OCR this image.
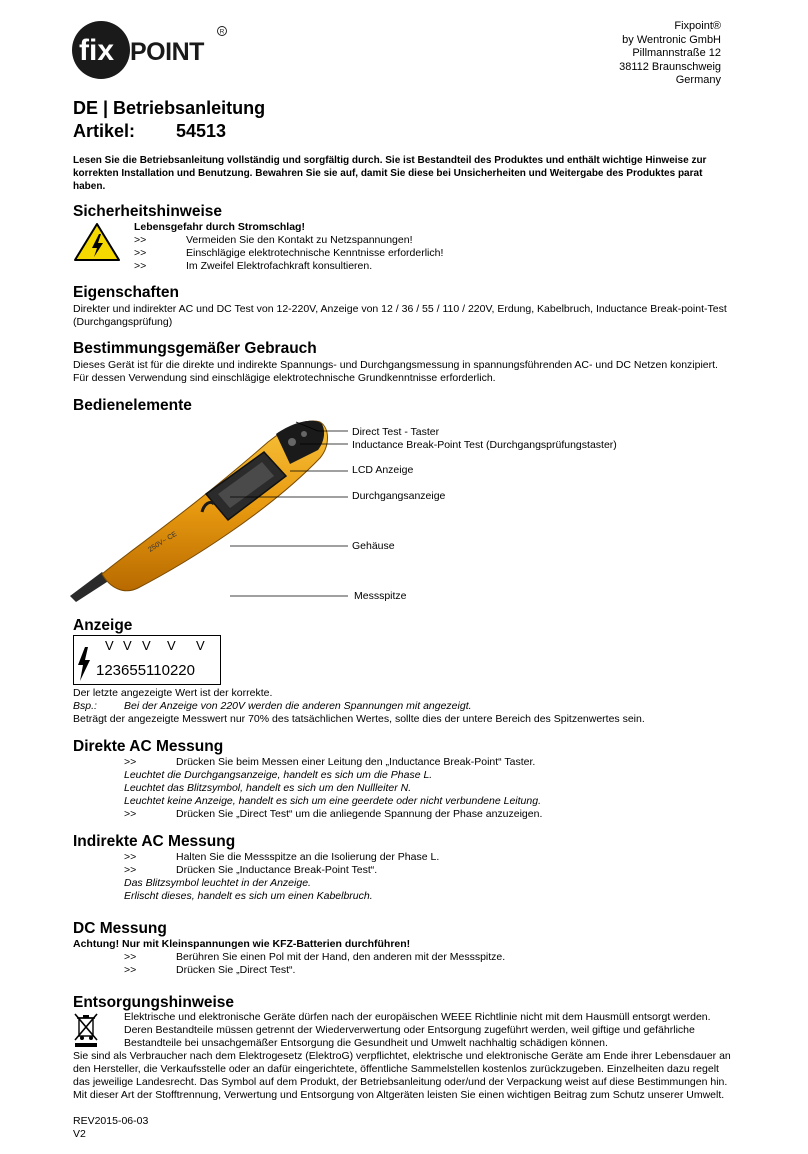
fix POINT
R
Fixpoint®
by Wentronic GmbH
Pillmannstraße 12
38112 Braunschweig
Germany
DE | Betriebsanleitung
Artikel: 54513
Lesen Sie die Betriebsanleitung vollständig und sorgfältig durch. Sie ist Bestandteil des Produktes und enthält wichtige Hinweise zur korrekten Installation und Benutzung. Bewahren Sie sie auf, damit Sie diese bei Unsicherheiten und Weitergabe des Produktes parat haben.
Sicherheitshinweise
Lebensgefahr durch Stromschlag!
>>	Vermeiden Sie den Kontakt zu Netzspannungen!
>>	Einschlägige elektrotechnische Kenntnisse erforderlich!
>>	Im Zweifel Elektrofachkraft konsultieren.
Eigenschaften
Direkter und indirekter AC und DC Test von 12-220V, Anzeige von 12 / 36 / 55 / 110 / 220V, Erdung, Kabelbruch, Inductance Break-point-Test (Durchgangsprüfung)
Bestimmungsgemäßer Gebrauch
Dieses Gerät ist für die direkte und indirekte Spannungs- und Durchgangsmessung in spannungsführenden AC- und DC Netzen konzipiert. Für dessen Verwendung sind einschlägige elektrotechnische Grundkenntnisse erforderlich.
Bedienelemente
250V~ CE
Direct Test - Taster
Inductance Break-Point Test (Durchgangsprüfungstaster)
LCD Anzeige
Durchgangsanzeige
Gehäuse
Messspitze
Anzeige
V V V V V
123655110220
Der letzte angezeigte Wert ist der korrekte.
Bsp.:	Bei der Anzeige von 220V werden die anderen Spannungen mit angezeigt.
Beträgt der angezeigte Messwert nur 70% des tatsächlichen Wertes, sollte dies der untere Bereich des Spitzenwertes sein.
Direkte AC Messung
>>	Drücken Sie beim Messen einer Leitung den „Inductance Break-Point“ Taster.
Leuchtet die Durchgangsanzeige, handelt es sich um die Phase L.
Leuchtet das Blitzsymbol, handelt es sich um den Nullleiter N.
Leuchtet keine Anzeige, handelt es sich um eine geerdete oder nicht verbundene Leitung.
>>	Drücken Sie „Direct Test“ um die anliegende Spannung der Phase anzuzeigen.
Indirekte AC Messung
>>	Halten Sie die Messspitze an die Isolierung der Phase L.
>>	Drücken Sie „Inductance Break-Point Test“.
Das Blitzsymbol leuchtet in der Anzeige.
Erlischt dieses, handelt es sich um einen Kabelbruch.
DC Messung
Achtung! Nur mit Kleinspannungen wie KFZ-Batterien durchführen!
>>	Berühren Sie einen Pol mit der Hand, den anderen mit der Messspitze.
>>	Drücken Sie „Direct Test“.
Entsorgungshinweise
Elektrische und elektronische Geräte dürfen nach der europäischen WEEE Richtlinie nicht mit dem Hausmüll entsorgt werden. Deren Bestandteile müssen getrennt der Wiederverwertung oder Entsorgung zugeführt werden, weil giftige und gefährliche Bestandteile bei unsachgemäßer Entsorgung die Gesundheit und Umwelt nachhaltig schädigen können.
Sie sind als Verbraucher nach dem Elektrogesetz (ElektroG) verpflichtet, elektrische und elektronische Geräte am Ende ihrer Lebensdauer an den Hersteller, die Verkaufsstelle oder an dafür eingerichtete, öffentliche Sammelstellen kostenlos zurückzugeben. Einzelheiten dazu regelt das jeweilige Landesrecht. Das Symbol auf dem Produkt, der Betriebsanleitung oder/und der Verpackung weist auf diese Bestimmungen hin. Mit dieser Art der Stofftrennung, Verwertung und Entsorgung von Altgeräten leisten Sie einen wichtigen Beitrag zum Schutz unserer Umwelt.
REV2015-06-03
V2
